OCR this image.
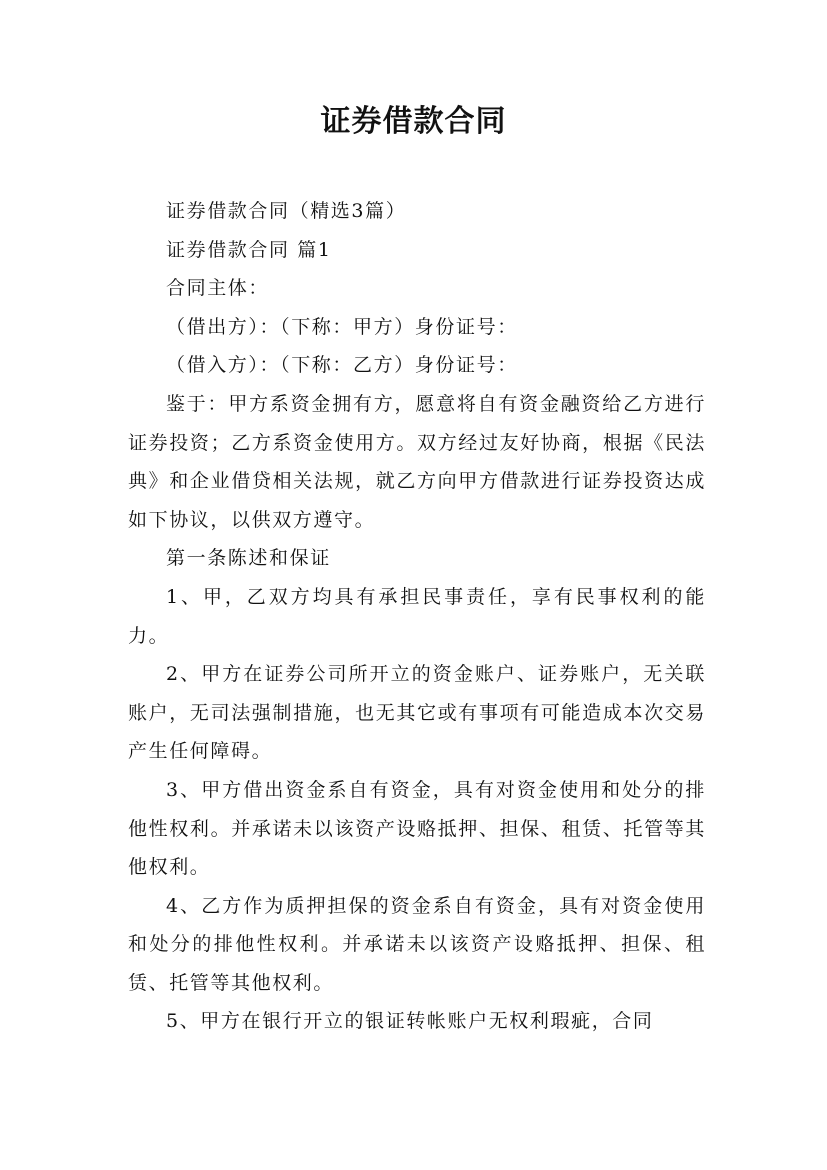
证券借款合同

证券借款合同（精选3篇）

证券借款合同 篇1

合同主体：

（借出方）：（下称：甲方）身份证号：

（借入方）：（下称：乙方）身份证号：

鉴于：甲方系资金拥有方，愿意将自有资金融资给乙方进行证券投资；乙方系资金使用方。双方经过友好协商，根据《民法典》和企业借贷相关法规，就乙方向甲方借款进行证券投资达成如下协议，以供双方遵守。

第一条陈述和保证

1、甲，乙双方均具有承担民事责任，享有民事权利的能力。

2、甲方在证券公司所开立的资金账户、证券账户，无关联账户，无司法强制措施，也无其它或有事项有可能造成本次交易产生任何障碍。

3、甲方借出资金系自有资金，具有对资金使用和处分的排他性权利。并承诺未以该资产设赂抵押、担保、租赁、托管等其他权利。

4、乙方作为质押担保的资金系自有资金，具有对资金使用和处分的排他性权利。并承诺未以该资产设赂抵押、担保、租赁、托管等其他权利。

5、甲方在银行开立的银证转帐账户无权利瑕疵，合同
